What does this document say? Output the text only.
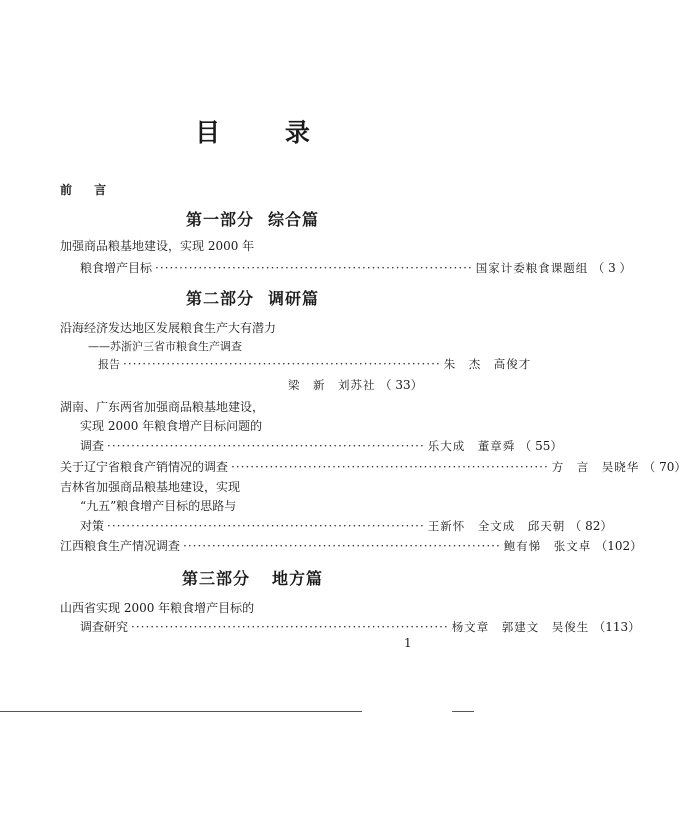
目 录
前 言
第一部分 综合篇
加强商品粮基地建设，实现 2000 年
粮食增产目标 ·································································· 国家计委粮食课题组 （ 3 ）
第二部分 调研篇
沿海经济发达地区发展粮食生产大有潜力
——苏浙沪三省市粮食生产调查
报告 ·································································· 朱　杰　高俊才
梁　新　刘苏社 （ 33）
湖南、广东两省加强商品粮基地建设，
实现 2000 年粮食增产目标问题的
调查 ·································································· 乐大成　董章舜 （ 55）
关于辽宁省粮食产销情况的调查 ·································································· 方　言　吴晓华 （ 70）
吉林省加强商品粮基地建设，实现
“九五”粮食增产目标的思路与
对策 ·································································· 王新怀　全文成　邱天朝 （ 82）
江西粮食生产情况调查 ·································································· 鲍有悌　张文卓 （102）
第三部分 地方篇
山西省实现 2000 年粮食增产目标的
调查研究 ·································································· 杨文章　郭建文　吴俊生 （113）
1
